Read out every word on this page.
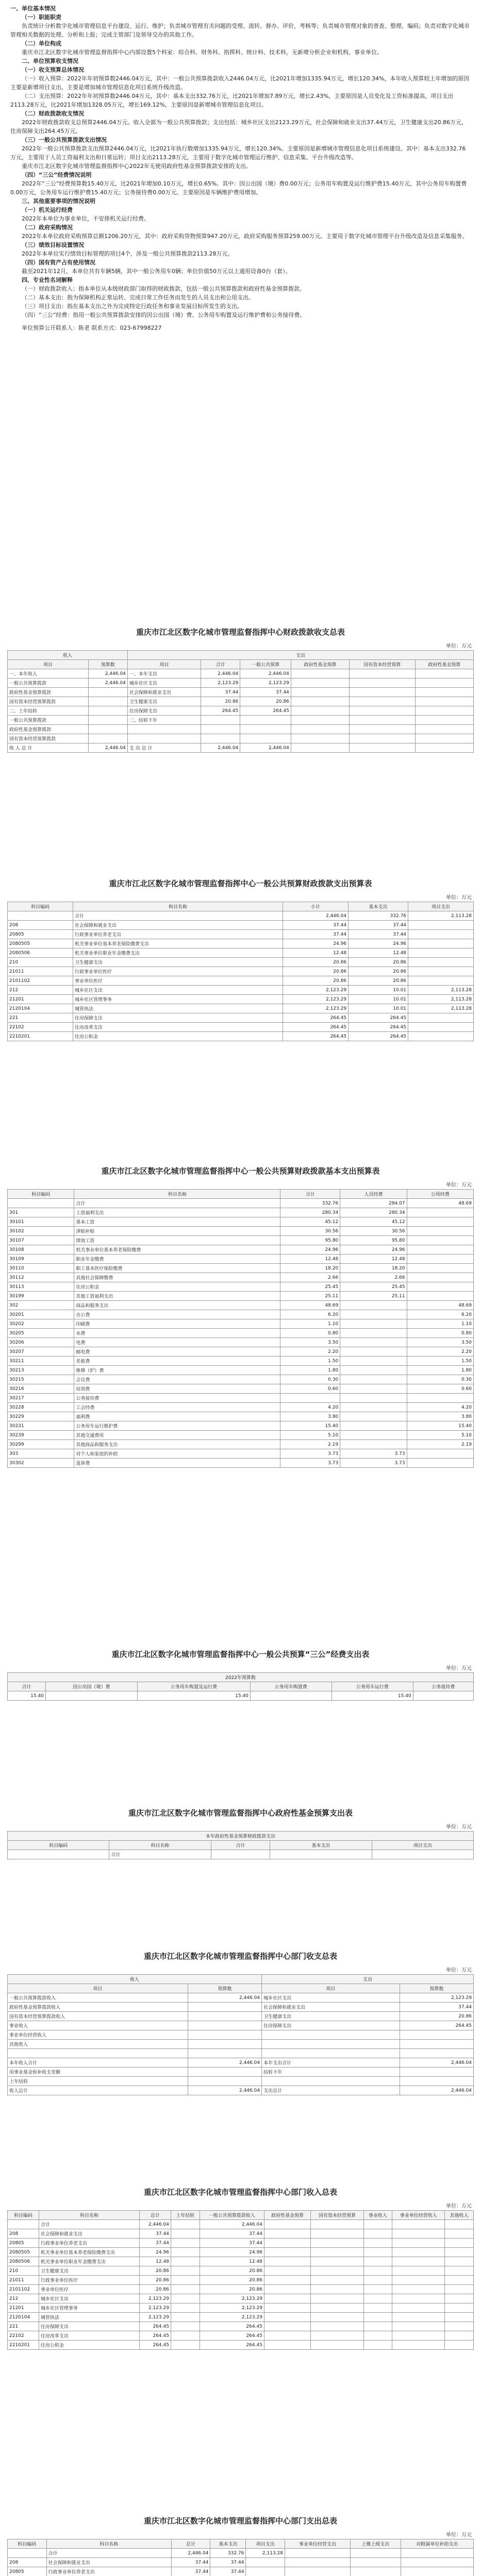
一、单位基本情况

（一）职能职责

负责统计分析数字化城市管理信息平台建设、运行、维护；负责城市管理有关问题的受理、流转、督办、评价，考核等；负责城市管理对象的普查、整理、编码；负责对数字化城市管理相关数据的处理、分析和上报；完成主管部门及领导交办的其他工作。

（二）单位构成

重庆市江北区数字化城市管理监督指挥中心内部设置5个科室：综合科、财务科、指挥科、统计科、技术科，无新增分析企业和机构、事业单位。

二、单位预算收支情况

（一）收支预算总体情况

（一）收入预算：2022年年初预算数2446.04万元，其中：一般公共预算拨款收入2446.04万元，比2021年增加1335.94万元，增长120.34%，本年收入预算较上年增加的原因主要是新增项目支出，主要是增加城市管理信息化项目系统升级改造。

（二）支出预算：2022年年初预算数2446.04万元，其中：基本支出332.76万元，比2021年增加7.89万元，增长2.43%，主要原因是人员变化及工资标准提高，项目支出2113.28万元，比2021年增加1328.05万元，增长169.12%，主要原因是新增城市管理信息化项目。

（二）财政拨款收支情况

2022年财政拨款收支总预算2446.04万元。收入全部为一般公共预算拨款；支出包括：城乡社区支出2123.29万元，社会保障和就业支出37.44万元，卫生健康支出20.86万元，住房保障支出264.45万元。

（三）一般公共预算拨款支出情况

2022年一般公共预算拨款支出预算2446.04万元，比2021年执行数增加1335.94万元，增长120.34%。主要原因是新增城市管理信息化项目系统建设。其中：基本支出332.76万元，主要用于人员工资福利支出和日常运转；项目支出2113.28万元，主要用于数字化城市管理运行维护、信息采集、平台升级改造等。

重庆市江北区数字化城市管理监督指挥中心2022年无使用政府性基金预算拨款安排的支出。

（四）“三公”经费情况说明

2022年“三公”经费预算数15.40万元，比2021年增加0.10万元，增长0.65%。其中：因公出国（境）费0.00万元；公务用车购置及运行维护费15.40万元，其中公务用车购置费0.00万元，公务用车运行维护费15.40万元；公务接待费0.00万元。主要原因是车辆维护费用增加。

三、其他重要事项的情况说明

（一）机关运行经费

2022年本单位为事业单位，不安排机关运行经费。

（二）政府采购情况

2022年本单位政府采购预算总额1206.20万元，其中：政府采购货物预算947.20万元，政府采购服务预算259.00万元。主要用于数字化城市管理平台升级改造及信息采集服务。

（三）绩效目标设置情况

2022年本单位实行绩效目标管理的项目4个，涉及一般公共预算拨款2113.28万元。

（四）国有资产占有使用情况

截至2021年12月，本单位共有车辆5辆，其中一般公务用车0辆；单位价值50万元以上通用设备0台（套）。

四、专业性名词解释

（一）财政拨款收入：指本单位从本级财政部门取得的财政拨款，包括一般公共预算拨款和政府性基金预算拨款。

（二）基本支出：指为保障机构正常运转、完成日常工作任务而发生的人员支出和公用支出。

（三）项目支出：指在基本支出之外为完成特定行政任务和事业发展目标所发生的支出。

（四）“三公”经费：指用一般公共预算拨款安排的因公出国（境）费、公务用车购置及运行维护费和公务接待费。

单位预算公开联系人：陈老 联系方式：023-67998227

重庆市江北区数字化城市管理监督指挥中心财政拨款收支总表
单位：万元
收入		支出					
项目	预算数	项目	合计	一般公共预算	政府性基金预算	国有资本经营预算	政府性基金预算
一、本年收入	2,446.04	一、本年支出	2,446.04	2,446.04			
一般公共预算拨款	2,446.04	城乡社区支出	2,123.29	2,123.29			
政府性基金预算拨款		社会保障和就业支出	37.44	37.44			
国有资本经营预算拨款		卫生健康支出	20.86	20.86			
二、上年结转		住房保障支出	264.45	264.45			
一般公共预算拨款		二、结转下年					
政府性基金预算拨款							
国有资本经营预算拨款							
收 入 总 计	2,446.04	支 出 总 计	2,446.04	2,446.04			
重庆市江北区数字化城市管理监督指挥中心一般公共预算财政拨款支出预算表
单位：万元
科目编码	科目名称	小计	基本支出	项目支出
	合计	2,446.04	332.76	2,113.28
208	社会保障和就业支出	37.44	37.44	
20805	行政事业单位养老支出	37.44	37.44	
2080505	机关事业单位基本养老保险缴费支出	24.96	24.96	
2080506	机关事业单位职业年金缴费支出	12.48	12.48	
210	卫生健康支出	20.86	20.86	
21011	行政事业单位医疗	20.86	20.86	
2101102	事业单位医疗	20.86	20.86	
212	城乡社区支出	2,123.29	10.01	2,113.28
21201	城乡社区管理事务	2,123.29	10.01	2,113.28
2120104	城管执法	2,123.29	10.01	2,113.28
221	住房保障支出	264.45	264.45	
22102	住房改革支出	264.45	264.45	
2210201	住房公积金	264.45	264.45	
重庆市江北区数字化城市管理监督指挥中心一般公共预算财政拨款基本支出预算表
单位：万元
科目编码	科目名称	合计	人员经费	公用经费
	合计	332.76	284.07	48.69
301	工资福利支出	280.34	280.34	
30101	基本工资	45.12	45.12	
30102	津贴补贴	30.56	30.56	
30107	绩效工资	95.80	95.80	
30108	机关事业单位基本养老保险缴费	24.96	24.96	
30109	职业年金缴费	12.48	12.48	
30110	职工基本医疗保险缴费	18.20	18.20	
30112	其他社会保障缴费	2.66	2.66	
30113	住房公积金	25.45	25.45	
30199	其他工资福利支出	25.11	25.11	
302	商品和服务支出	48.69		48.69
30201	办公费	6.20		6.20
30202	印刷费	1.10		1.10
30205	水费	0.80		0.80
30206	电费	3.50		3.50
30207	邮电费	2.20		2.20
30211	差旅费	1.50		1.50
30213	维修（护）费	1.80		1.80
30215	会议费	0.30		0.30
30216	培训费	0.60		0.60
30217	公务接待费			
30228	工会经费	4.20		4.20
30229	福利费	3.80		3.80
30231	公务用车运行维护费	15.40		15.40
30239	其他交通费用	5.10		5.10
30299	其他商品和服务支出	2.19		2.19
303	对个人和家庭的补助	3.73	3.73	
30302	退休费	3.73	3.73	
重庆市江北区数字化城市管理监督指挥中心一般公共预算“三公”经费支出表
单位：万元
2022年预算数					
合计	因公出国（境）费	公务用车购置及运行费	公务用车购置费	公务用车运行费	公务接待费
15.40		15.40		15.40	
重庆市江北区数字化城市管理监督指挥中心政府性基金预算支出表
单位：万元
本年政府性基金预算财政拨款支出				
科目编码	科目名称	合计	基本支出	项目支出
	合计			
重庆市江北区数字化城市管理监督指挥中心部门收支总表
单位：万元
收入		支出	
项目	预算数	项目	预算数
一般公共预算拨款收入	2,446.04	城乡社区支出	2,123.29
政府性基金预算拨款收入		社会保障和就业支出	37.44
国有资本经营预算拨款收入		卫生健康支出	20.86
事业收入		住房保障支出	264.45
事业单位经营收入			
其他收入			

本年收入合计	2,446.04	本年支出合计	2,446.04
用事业基金弥补收支差额		结转下年	
上年结转			
收入总计	2,446.04	支出总计	2,446.04
重庆市江北区数字化城市管理监督指挥中心部门收入总表
单位：万元
科目编码	科目名称	总计	上年结转	一般公共预算拨款收入	政府性基金预算	国有资本经营预算	事业收入	事业单位经营收入	其他收入
	合计	2,446.04		2,446.04					
208	社会保障和就业支出	37.44		37.44					
20805	行政事业单位养老支出	37.44		37.44					
2080505	机关事业单位基本养老保险缴费支出	24.96		24.96					
2080506	机关事业单位职业年金缴费支出	12.48		12.48					
210	卫生健康支出	20.86		20.86					
21011	行政事业单位医疗	20.86		20.86					
2101102	事业单位医疗	20.86		20.86					
212	城乡社区支出	2,123.29		2,123.29					
21201	城乡社区管理事务	2,123.29		2,123.29					
2120104	城管执法	2,123.29		2,123.29					
221	住房保障支出	264.45		264.45					
22102	住房改革支出	264.45		264.45					
2210201	住房公积金	264.45		264.45					
重庆市江北区数字化城市管理监督指挥中心部门支出总表
单位：万元
科目编码	科目名称	总计	基本支出	项目支出	事业单位经营支出	上缴上级支出	对附属单位补助支出
	合计	2,446.04	332.76	2,113.28			
208	社会保障和就业支出	37.44	37.44				
20805	行政事业单位养老支出	37.44	37.44				
